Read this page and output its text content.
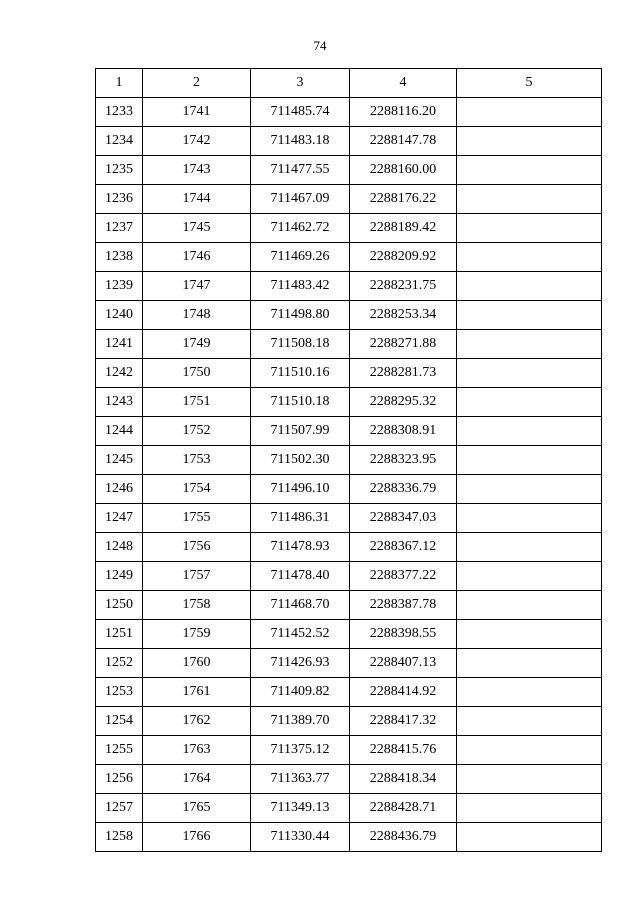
74
1	2	3	4	5
1233	1741	711485.74	2288116.20	
1234	1742	711483.18	2288147.78	
1235	1743	711477.55	2288160.00	
1236	1744	711467.09	2288176.22	
1237	1745	711462.72	2288189.42	
1238	1746	711469.26	2288209.92	
1239	1747	711483.42	2288231.75	
1240	1748	711498.80	2288253.34	
1241	1749	711508.18	2288271.88	
1242	1750	711510.16	2288281.73	
1243	1751	711510.18	2288295.32	
1244	1752	711507.99	2288308.91	
1245	1753	711502.30	2288323.95	
1246	1754	711496.10	2288336.79	
1247	1755	711486.31	2288347.03	
1248	1756	711478.93	2288367.12	
1249	1757	711478.40	2288377.22	
1250	1758	711468.70	2288387.78	
1251	1759	711452.52	2288398.55	
1252	1760	711426.93	2288407.13	
1253	1761	711409.82	2288414.92	
1254	1762	711389.70	2288417.32	
1255	1763	711375.12	2288415.76	
1256	1764	711363.77	2288418.34	
1257	1765	711349.13	2288428.71	
1258	1766	711330.44	2288436.79	
